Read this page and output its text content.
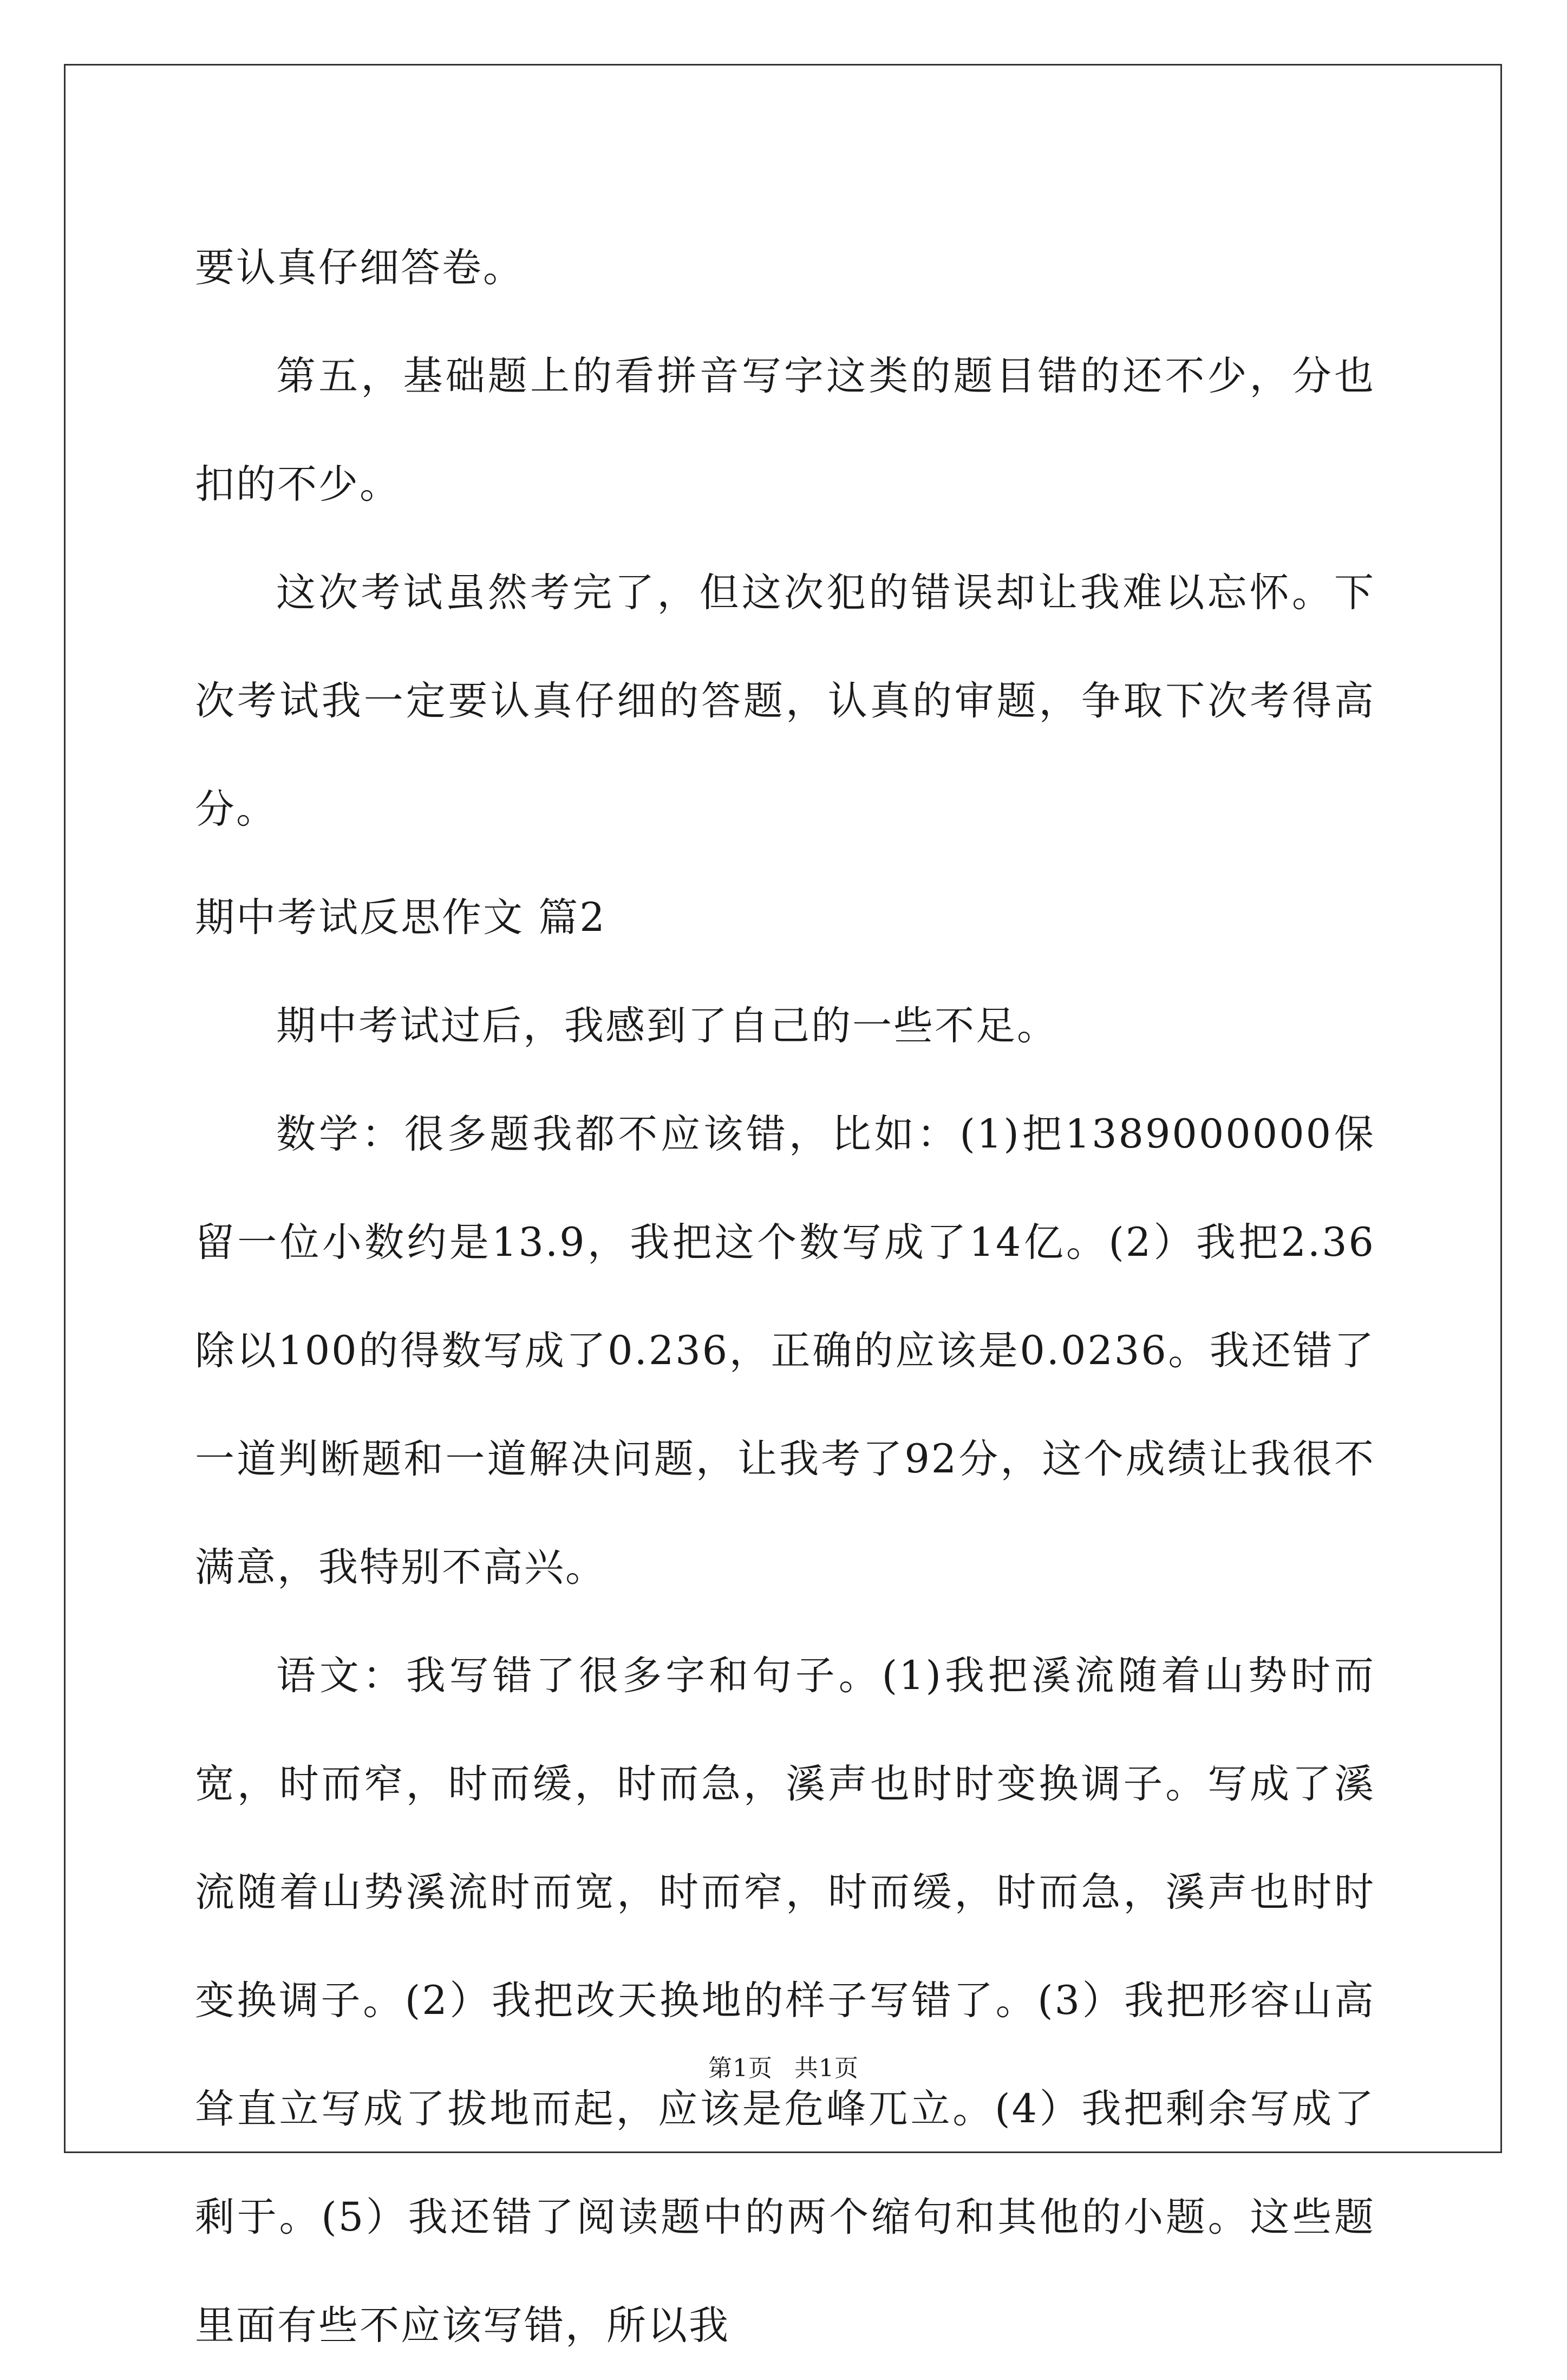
要认真仔细答卷。

第五，基础题上的看拼音写字这类的题目错的还不少，分也扣的不少。

这次考试虽然考完了，但这次犯的错误却让我难以忘怀。下次考试我一定要认真仔细的答题，认真的审题，争取下次考得高分。

期中考试反思作文 篇2

期中考试过后，我感到了自己的一些不足。

数学：很多题我都不应该错，比如：(1)把1389000000保留一位小数约是13.9，我把这个数写成了14亿。(2）我把2.36除以100的得数写成了0.236，正确的应该是0.0236。我还错了一道判断题和一道解决问题，让我考了92分，这个成绩让我很不满意，我特别不高兴。

语文：我写错了很多字和句子。(1)我把溪流随着山势时而宽，时而窄，时而缓，时而急，溪声也时时变换调子。写成了溪流随着山势溪流时而宽，时而窄，时而缓，时而急，溪声也时时变换调子。(2）我把改天换地的样子写错了。(3）我把形容山高耸直立写成了拔地而起，应该是危峰兀立。(4）我把剩余写成了剩于。(5）我还错了阅读题中的两个缩句和其他的小题。这些题里面有些不应该写错，所以我

第1页 共1页
